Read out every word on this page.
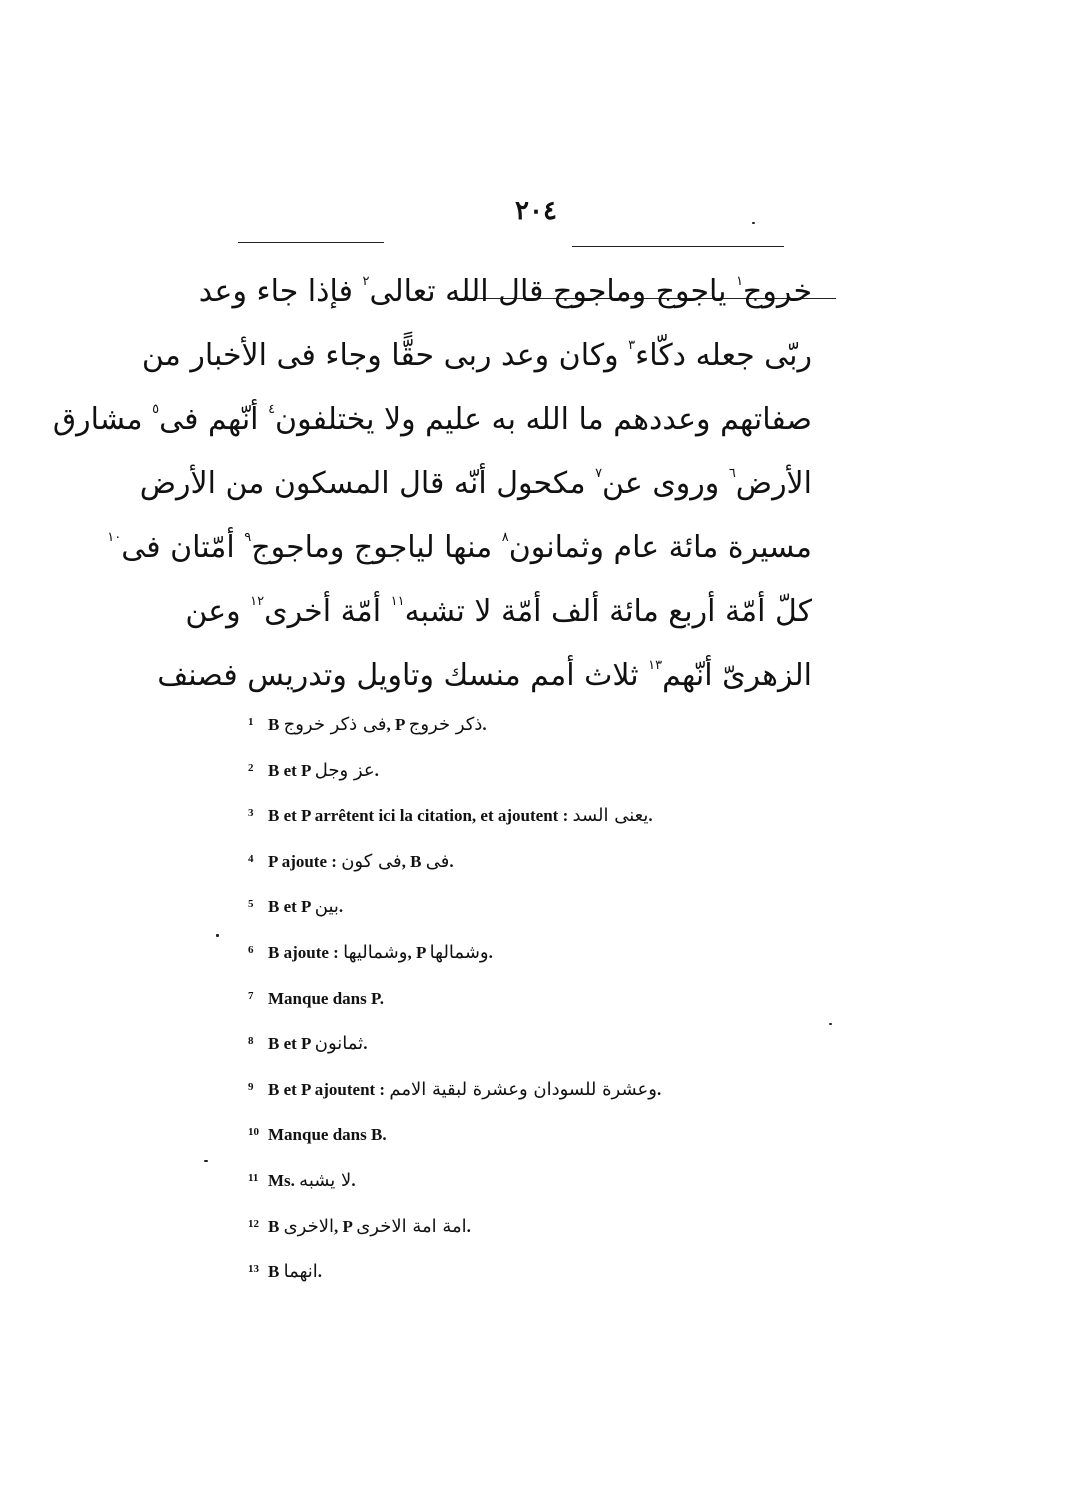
٢٠٤
خروج$^١$ ياجوج وماجوج قال الله تعالى$^٢$ فإذا جاء وعد
ربّى جعله دكّاء$^٣$ وكان وعد ربى حقًّا وجاء فى الأخبار من
صفاتهم وعددهم ما الله به عليم ولا يختلفون$^٤$ أنّهم فى$^٥$ مشارق
الأرض$^٦$ وروى عن$^٧$ مكحول أنّه قال المسكون من الأرض
مسيرة مائة عام وثمانون$^٨$ منها لياجوج وماجوج$^٩$ أمّتان فى$^{١٠}$
كلّ أمّة أربع مائة ألف أمّة لا تشبه$^{١١}$ أمّة أخرى$^{١٢}$ وعن
الزهرىّ أنّهم$^{١٣}$ ثلاث أمم منسك وتاويل وتدريس فصنف
1 B فى ذكر خروج, P ذكر خروج.
2 B et P عز وجل.
3 B et P arrêtent ici la citation, et ajoutent : يعنى السد.
4 P ajoute : فى كون, B فى.
5 B et P بين.
6 B ajoute : وشماليها, P وشمالها.
7 Manque dans P.
8 B et P ثمانون.
9 B et P ajoutent : وعشرة للسودان وعشرة لبقية الامم.
10 Manque dans B.
11 Ms. لا يشبه.
12 B الاخرى, P امة امة الاخرى.
13 B انهما.
